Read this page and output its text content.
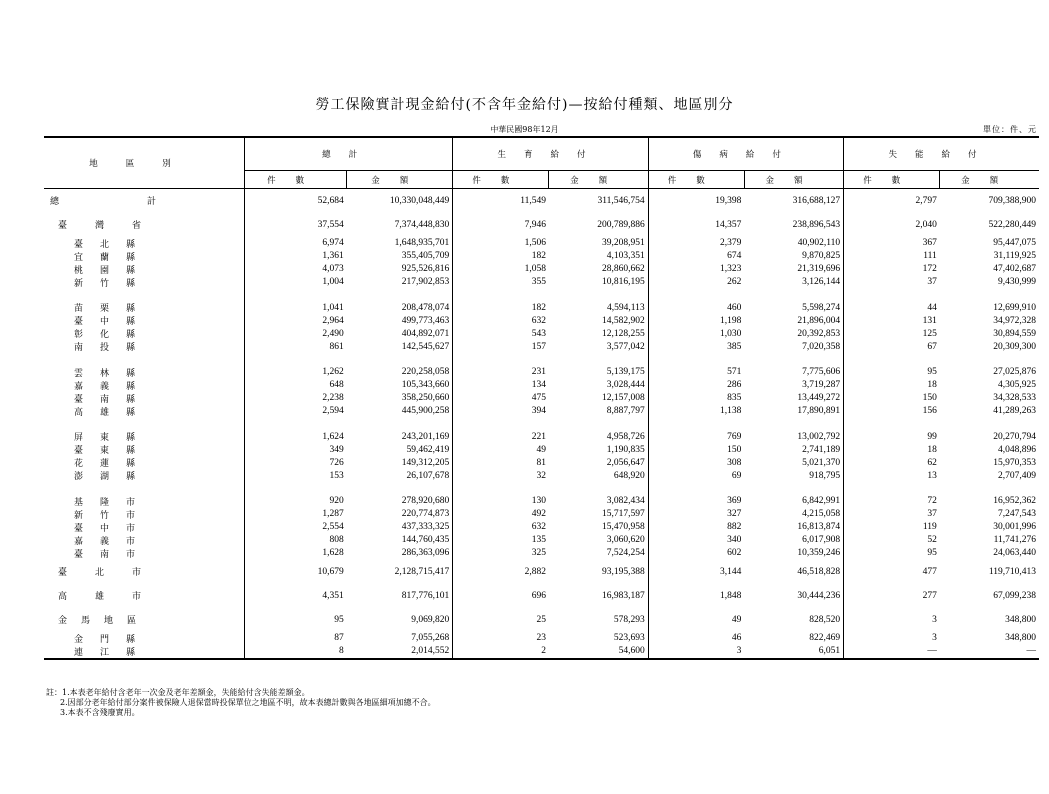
勞工保險實計現金給付(不含年金給付)—按給付種類、地區別分
中華民國98年12月	單位：件、元
地區別	總計		生育給付		傷病給付		失能給付	
	件數	金額	件數	金額	件數	金額	件數	金額
總計	52,684	10,330,048,449	11,549	311,546,754	19,398	316,688,127	2,797	709,388,900
臺灣省	37,554	7,374,448,830	7,946	200,789,886	14,357	238,896,543	2,040	522,280,449
臺北縣	6,974	1,648,935,701	1,506	39,208,951	2,379	40,902,110	367	95,447,075
宜蘭縣	1,361	355,405,709	182	4,103,351	674	9,870,825	111	31,119,925
桃園縣	4,073	925,526,816	1,058	28,860,662	1,323	21,319,696	172	47,402,687
新竹縣	1,004	217,902,853	355	10,816,195	262	3,126,144	37	9,430,999

苗栗縣	1,041	208,478,074	182	4,594,113	460	5,598,274	44	12,699,910
臺中縣	2,964	499,773,463	632	14,582,902	1,198	21,896,004	131	34,972,328
彰化縣	2,490	404,892,071	543	12,128,255	1,030	20,392,853	125	30,894,559
南投縣	861	142,545,627	157	3,577,042	385	7,020,358	67	20,309,300

雲林縣	1,262	220,258,058	231	5,139,175	571	7,775,606	95	27,025,876
嘉義縣	648	105,343,660	134	3,028,444	286	3,719,287	18	4,305,925
臺南縣	2,238	358,250,660	475	12,157,008	835	13,449,272	150	34,328,533
高雄縣	2,594	445,900,258	394	8,887,797	1,138	17,890,891	156	41,289,263

屏東縣	1,624	243,201,169	221	4,958,726	769	13,002,792	99	20,270,794
臺東縣	349	59,462,419	49	1,190,835	150	2,741,189	18	4,048,896
花蓮縣	726	149,312,205	81	2,056,647	308	5,021,370	62	15,970,353
澎湖縣	153	26,107,678	32	648,920	69	918,795	13	2,707,409

基隆市	920	278,920,680	130	3,082,434	369	6,842,991	72	16,952,362
新竹市	1,287	220,774,873	492	15,717,597	327	4,215,058	37	7,247,543
臺中市	2,554	437,333,325	632	15,470,958	882	16,813,874	119	30,001,996
嘉義市	808	144,760,435	135	3,060,620	340	6,017,908	52	11,741,276
臺南市	1,628	286,363,096	325	7,524,254	602	10,359,246	95	24,063,440
臺北市	10,679	2,128,715,417	2,882	93,195,388	3,144	46,518,828	477	119,710,413
高雄市	4,351	817,776,101	696	16,983,187	1,848	30,444,236	277	67,099,238
金馬地區	95	9,069,820	25	578,293	49	828,520	3	348,800
金門縣	87	7,055,268	23	523,693	46	822,469	3	348,800
連江縣	8	2,014,552	2	54,600	3	6,051	—	—
註：1.本表老年給付含老年一次金及老年差額金，失能給付含失能差額金。
2.因部分老年給付部分案件被保險人退保當時投保單位之地區不明，故本表總計數與各地區細項加總不合。
3.本表不含殘廢實用。
